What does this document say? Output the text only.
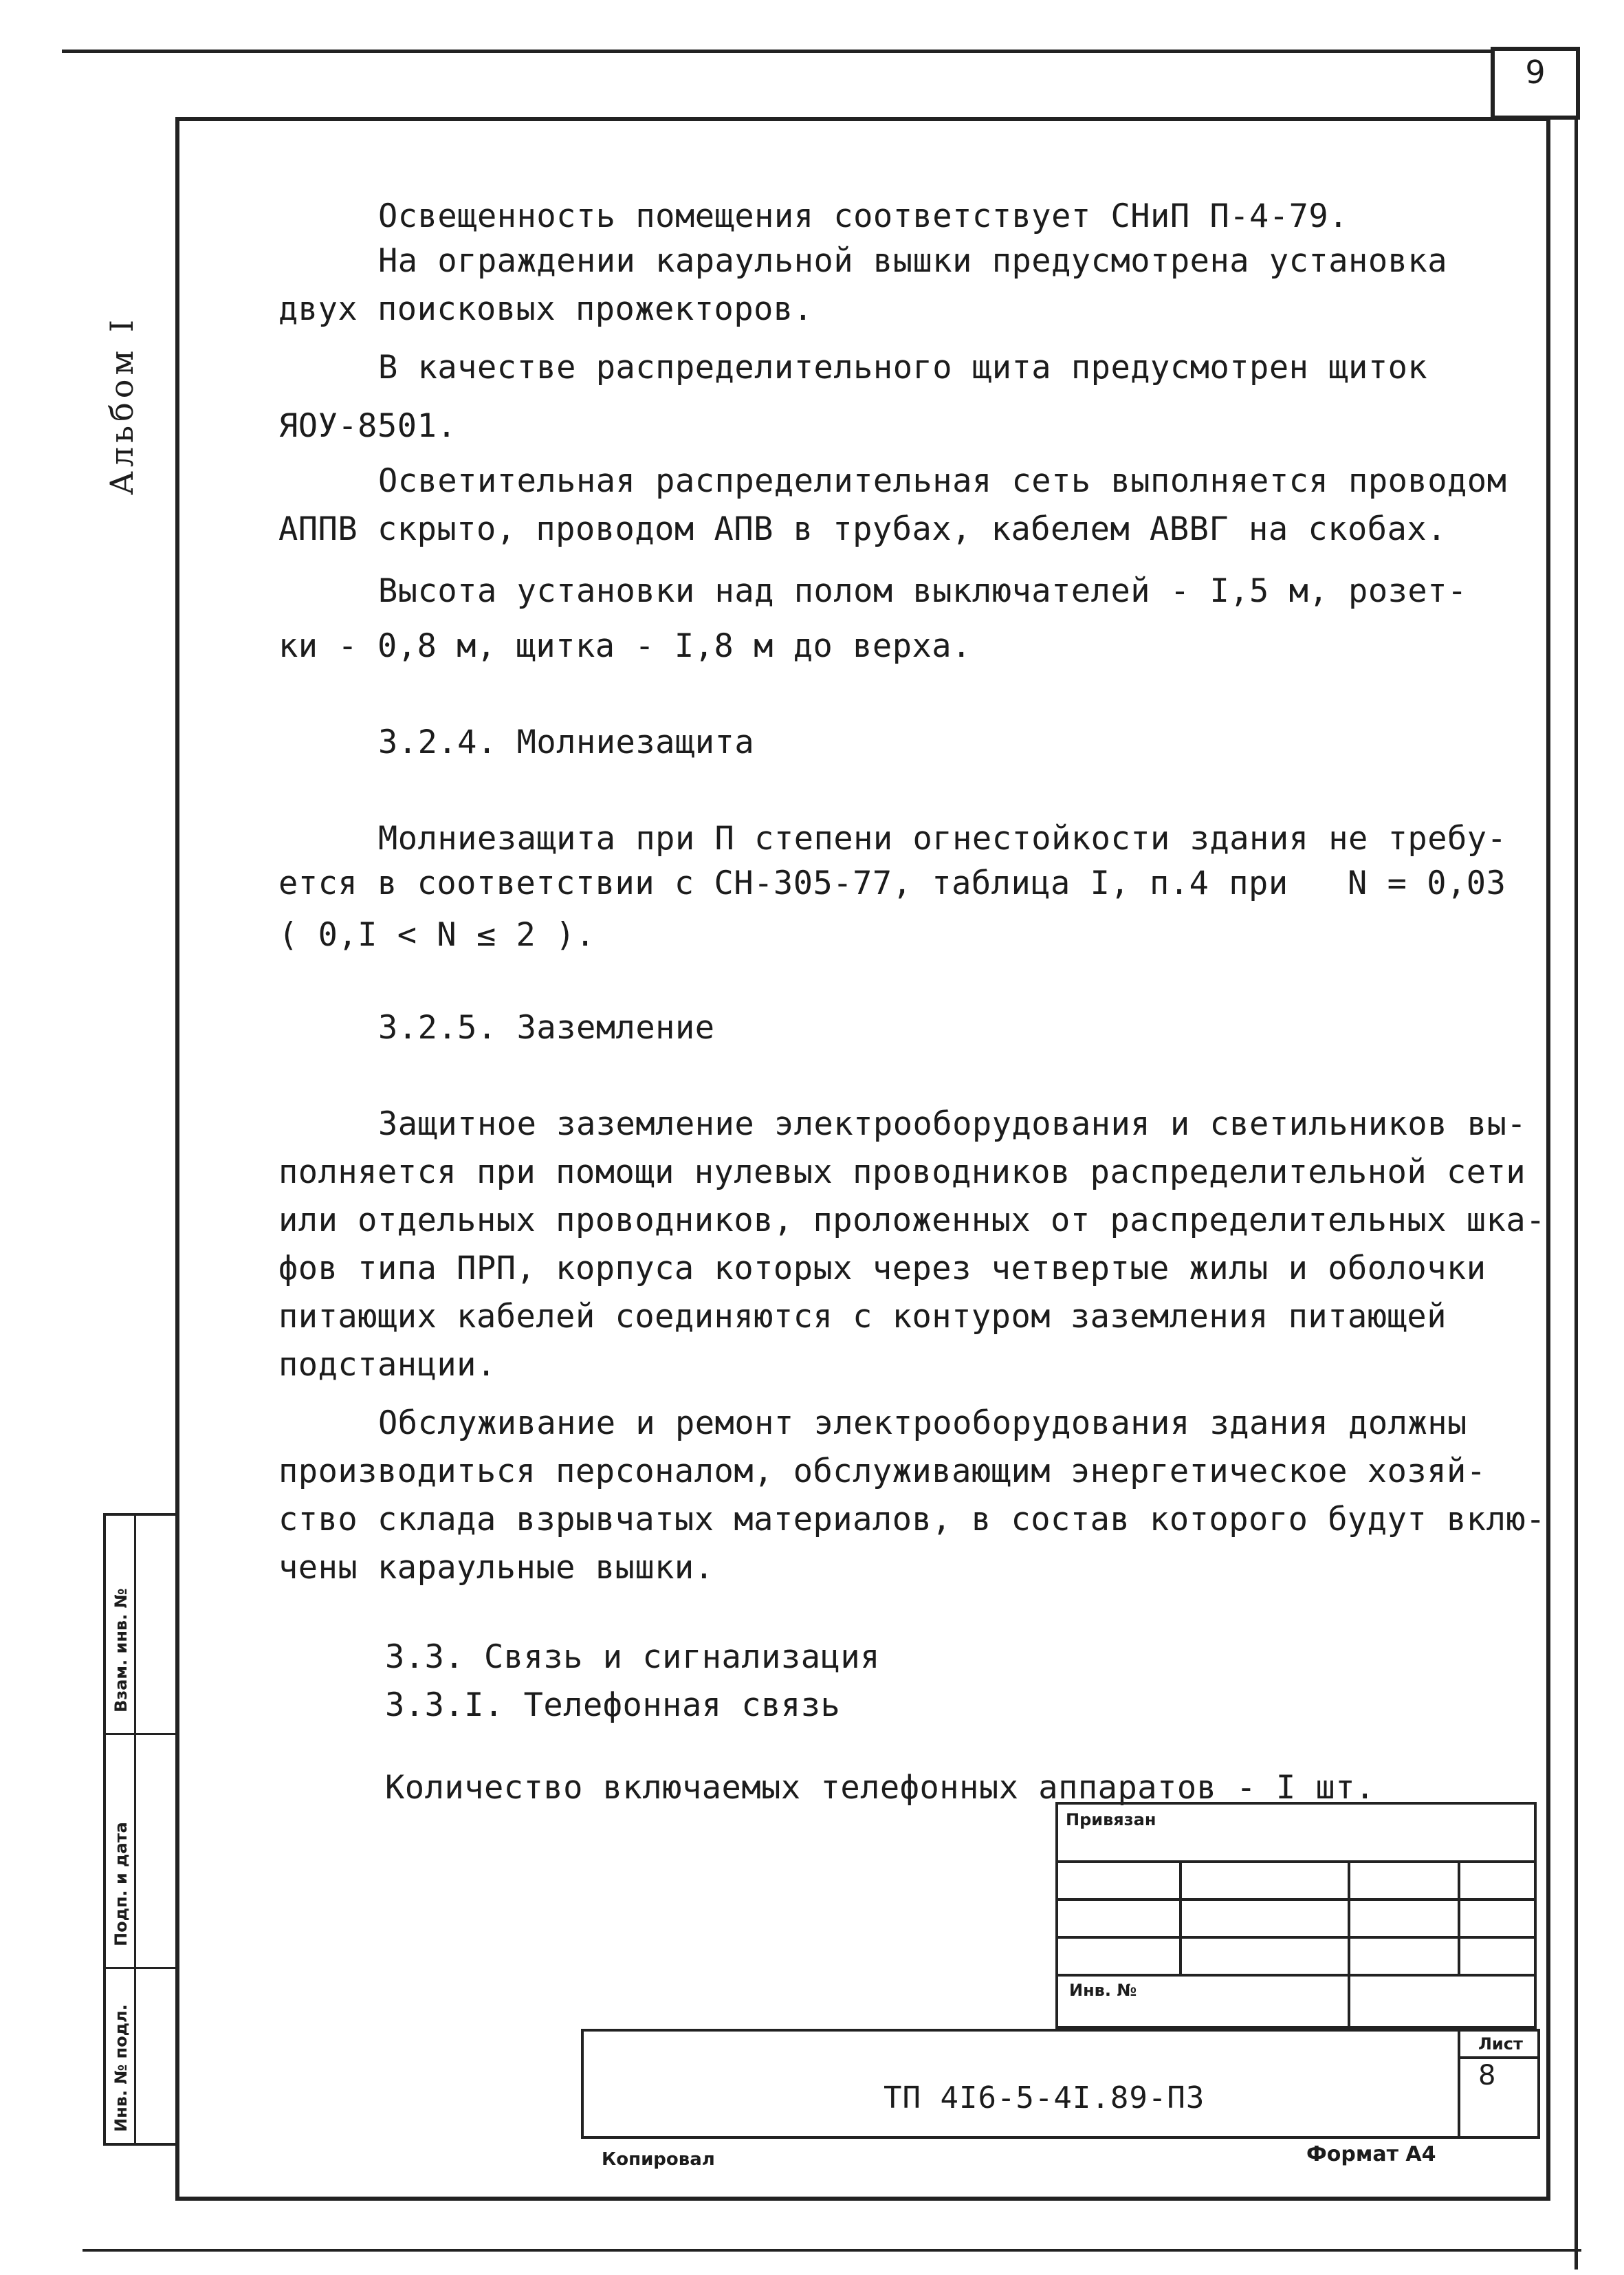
9
Альбом I
Взам. инв. №
Подп. и дата
Инв. № подл.
Освещенность помещения соответствует СНиП П-4-79.
На ограждении караульной вышки предусмотрена установка
двух поисковых прожекторов.
В качестве распределительного щита предусмотрен щиток
ЯОУ-8501.
Осветительная распределительная сеть выполняется проводом
АППВ скрыто, проводом АПВ в трубах, кабелем АВВГ на скобах.
Высота установки над полом выключателей - I,5 м, розет-
ки - 0,8 м, щитка - I,8 м до верха.
3.2.4. Молниезащита
Молниезащита при П степени огнестойкости здания не требу-
ется в соответствии с СН-305-77, таблица I, п.4 при   N = 0,03
( 0,I < N ≤ 2 ).
3.2.5. Заземление
Защитное заземление электрооборудования и светильников вы-
полняется при помощи нулевых проводников распределительной сети
или отдельных проводников, проложенных от распределительных шка-
фов типа ПРП, корпуса которых через четвертые жилы и оболочки
питающих кабелей соединяются с контуром заземления питающей
подстанции.
Обслуживание и ремонт электрооборудования здания должны
производиться персоналом, обслуживающим энергетическое хозяй-
ство склада взрывчатых материалов, в состав которого будут вклю-
чены караульные вышки.
3.3. Связь и сигнализация
3.3.I. Телефонная связь
Количество включаемых телефонных аппаратов - I шт.
Привязан
Инв. №
Лист
8
ТП 4I6-5-4I.89-ПЗ
Копировал	Формат А4
